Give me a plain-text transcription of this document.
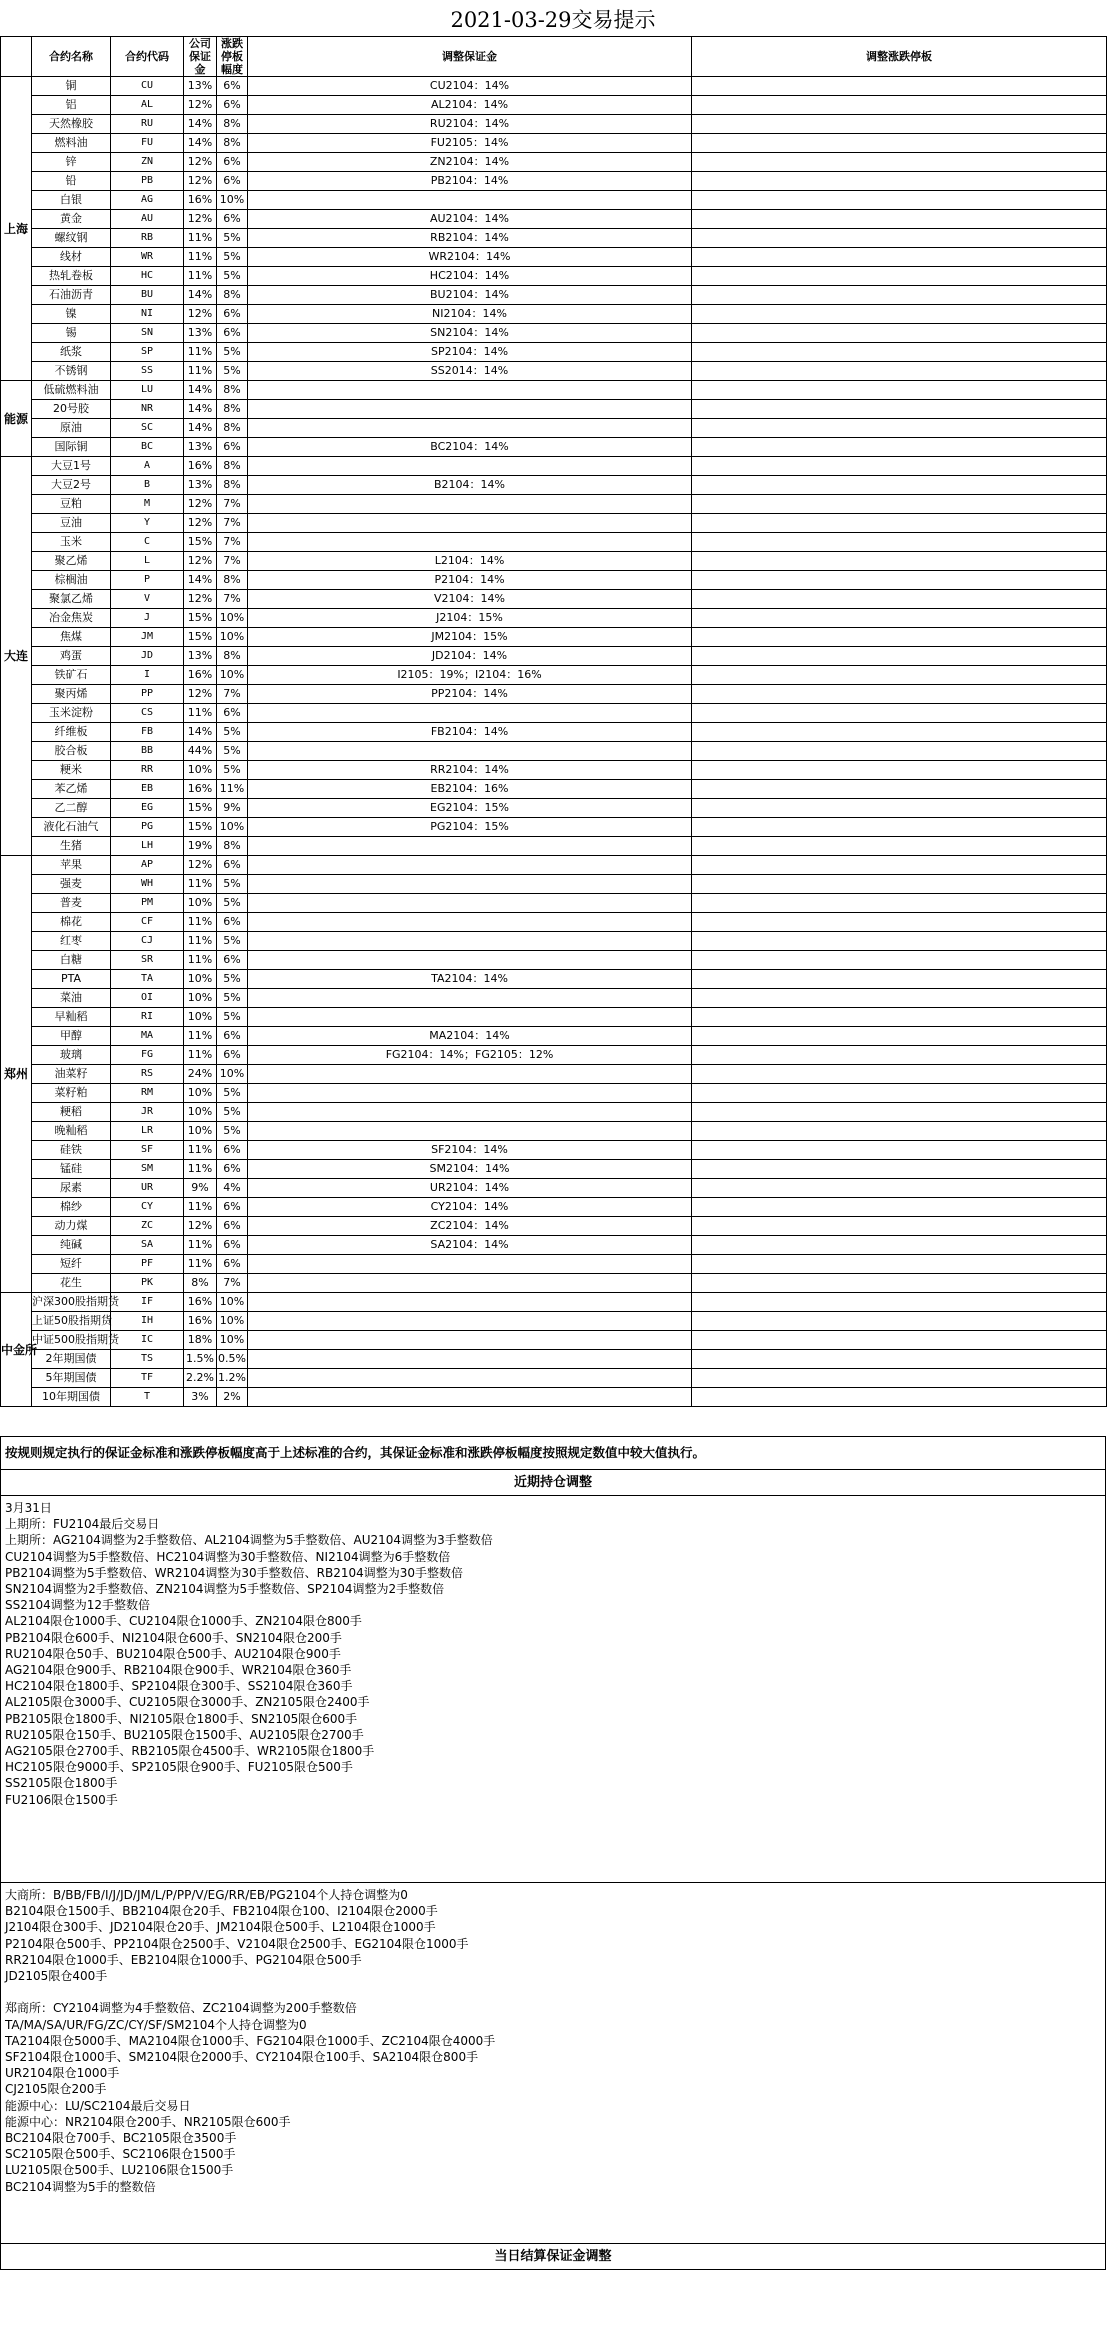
2021-03-29交易提示
	合约名称	合约代码	公司保证金	涨跌停板幅度	调整保证金	调整涨跌停板
上海	铜	CU	13%	6%	CU2104：14%	
	铝	AL	12%	6%	AL2104：14%	
	天然橡胶	RU	14%	8%	RU2104：14%	
	燃料油	FU	14%	8%	FU2105：14%	
	锌	ZN	12%	6%	ZN2104：14%	
	铅	PB	12%	6%	PB2104：14%	
	白银	AG	16%	10%		
	黄金	AU	12%	6%	AU2104：14%	
	螺纹钢	RB	11%	5%	RB2104：14%	
	线材	WR	11%	5%	WR2104：14%	
	热轧卷板	HC	11%	5%	HC2104：14%	
	石油沥青	BU	14%	8%	BU2104：14%	
	镍	NI	12%	6%	NI2104：14%	
	锡	SN	13%	6%	SN2104：14%	
	纸浆	SP	11%	5%	SP2104：14%	
	不锈钢	SS	11%	5%	SS2014：14%	
能源	低硫燃料油	LU	14%	8%		
	20号胶	NR	14%	8%		
	原油	SC	14%	8%		
	国际铜	BC	13%	6%	BC2104：14%	
大连	大豆1号	A	16%	8%		
	大豆2号	B	13%	8%	B2104：14%	
	豆粕	M	12%	7%		
	豆油	Y	12%	7%		
	玉米	C	15%	7%		
	聚乙烯	L	12%	7%	L2104：14%	
	棕榈油	P	14%	8%	P2104：14%	
	聚氯乙烯	V	12%	7%	V2104：14%	
	冶金焦炭	J	15%	10%	J2104：15%	
	焦煤	JM	15%	10%	JM2104：15%	
	鸡蛋	JD	13%	8%	JD2104：14%	
	铁矿石	I	16%	10%	I2105：19%；I2104：16%	
	聚丙烯	PP	12%	7%	PP2104：14%	
	玉米淀粉	CS	11%	6%		
	纤维板	FB	14%	5%	FB2104：14%	
	胶合板	BB	44%	5%		
	粳米	RR	10%	5%	RR2104：14%	
	苯乙烯	EB	16%	11%	EB2104：16%	
	乙二醇	EG	15%	9%	EG2104：15%	
	液化石油气	PG	15%	10%	PG2104：15%	
	生猪	LH	19%	8%		
郑州	苹果	AP	12%	6%		
	强麦	WH	11%	5%		
	普麦	PM	10%	5%		
	棉花	CF	11%	6%		
	红枣	CJ	11%	5%		
	白糖	SR	11%	6%		
	PTA	TA	10%	5%	TA2104：14%	
	菜油	OI	10%	5%		
	早籼稻	RI	10%	5%		
	甲醇	MA	11%	6%	MA2104：14%	
	玻璃	FG	11%	6%	FG2104：14%；FG2105：12%	
	油菜籽	RS	24%	10%		
	菜籽粕	RM	10%	5%		
	粳稻	JR	10%	5%		
	晚籼稻	LR	10%	5%		
	硅铁	SF	11%	6%	SF2104：14%	
	锰硅	SM	11%	6%	SM2104：14%	
	尿素	UR	9%	4%	UR2104：14%	
	棉纱	CY	11%	6%	CY2104：14%	
	动力煤	ZC	12%	6%	ZC2104：14%	
	纯碱	SA	11%	6%	SA2104：14%	
	短纤	PF	11%	6%		
	花生	PK	8%	7%		
中金所	沪深300股指期货	IF	16%	10%		
	上证50股指期货	IH	16%	10%		
	中证500股指期货	IC	18%	10%		
	2年期国债	TS	1.5%	0.5%		
	5年期国债	TF	2.2%	1.2%		
	10年期国债	T	3%	2%		
按规则规定执行的保证金标准和涨跌停板幅度高于上述标准的合约，其保证金标准和涨跌停板幅度按照规定数值中较大值执行。
近期持仓调整
3月31日
上期所：FU2104最后交易日
上期所：AG2104调整为2手整数倍、AL2104调整为5手整数倍、AU2104调整为3手整数倍
CU2104调整为5手整数倍、HC2104调整为30手整数倍、NI2104调整为6手整数倍
PB2104调整为5手整数倍、WR2104调整为30手整数倍、RB2104调整为30手整数倍
SN2104调整为2手整数倍、ZN2104调整为5手整数倍、SP2104调整为2手整数倍
SS2104调整为12手整数倍
AL2104限仓1000手、CU2104限仓1000手、ZN2104限仓800手
PB2104限仓600手、NI2104限仓600手、SN2104限仓200手
RU2104限仓50手、BU2104限仓500手、AU2104限仓900手
AG2104限仓900手、RB2104限仓900手、WR2104限仓360手
HC2104限仓1800手、SP2104限仓300手、SS2104限仓360手
AL2105限仓3000手、CU2105限仓3000手、ZN2105限仓2400手
PB2105限仓1800手、NI2105限仓1800手、SN2105限仓600手
RU2105限仓150手、BU2105限仓1500手、AU2105限仓2700手
AG2105限仓2700手、RB2105限仓4500手、WR2105限仓1800手
HC2105限仓9000手、SP2105限仓900手、FU2105限仓500手
SS2105限仓1800手
FU2106限仓1500手
大商所：B/BB/FB/I/J/JD/JM/L/P/PP/V/EG/RR/EB/PG2104个人持仓调整为0
B2104限仓1500手、BB2104限仓20手、FB2104限仓100、I2104限仓2000手
J2104限仓300手、JD2104限仓20手、JM2104限仓500手、L2104限仓1000手
P2104限仓500手、PP2104限仓2500手、V2104限仓2500手、EG2104限仓1000手
RR2104限仓1000手、EB2104限仓1000手、PG2104限仓500手
JD2105限仓400手

郑商所：CY2104调整为4手整数倍、ZC2104调整为200手整数倍
TA/MA/SA/UR/FG/ZC/CY/SF/SM2104个人持仓调整为0
TA2104限仓5000手、MA2104限仓1000手、FG2104限仓1000手、ZC2104限仓4000手
SF2104限仓1000手、SM2104限仓2000手、CY2104限仓100手、SA2104限仓800手
UR2104限仓1000手
CJ2105限仓200手
能源中心：LU/SC2104最后交易日
能源中心：NR2104限仓200手、NR2105限仓600手
BC2104限仓700手、BC2105限仓3500手
SC2105限仓500手、SC2106限仓1500手
LU2105限仓500手、LU2106限仓1500手
BC2104调整为5手的整数倍
当日结算保证金调整
